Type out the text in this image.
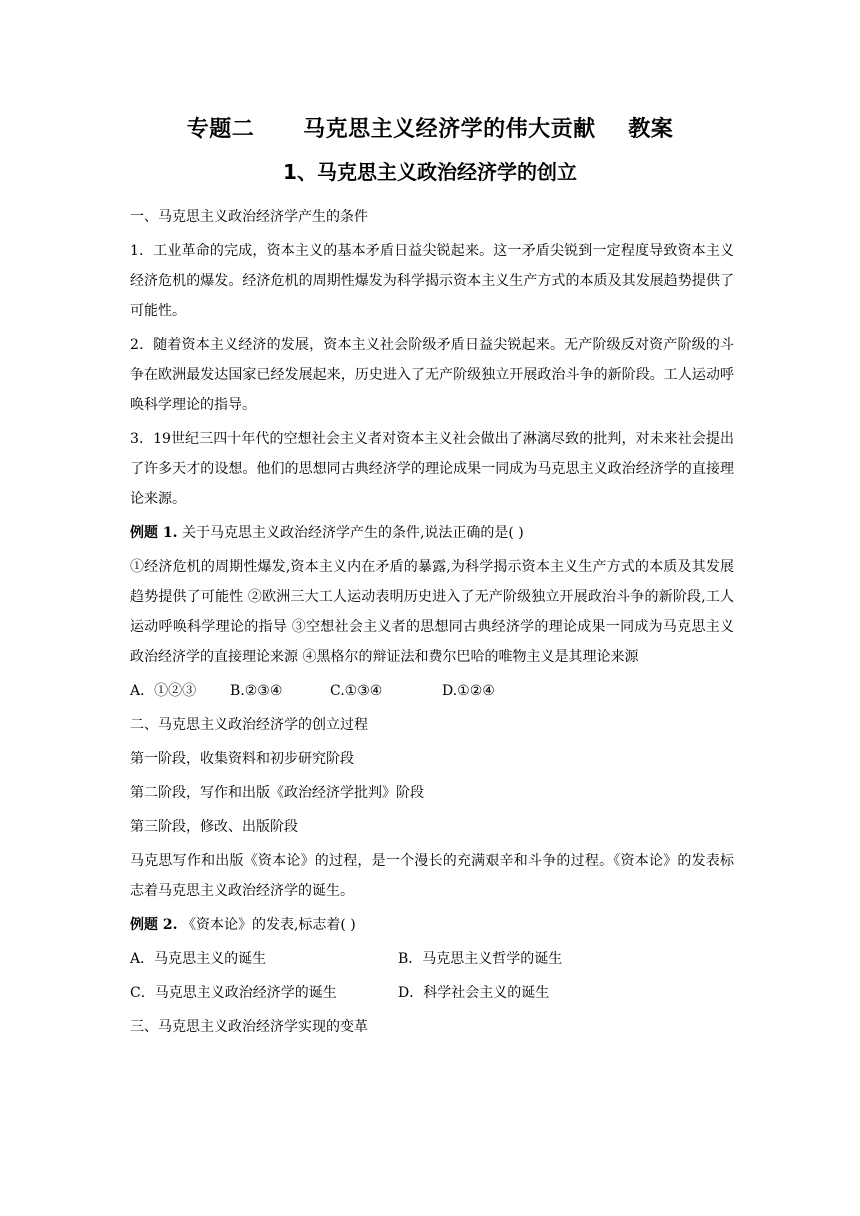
专题二      马克思主义经济学的伟大贡献    教案
1、马克思主义政治经济学的创立

一、马克思主义政治经济学产生的条件

1．工业革命的完成，资本主义的基本矛盾日益尖锐起来。这一矛盾尖锐到一定程度导致资本主义经济危机的爆发。经济危机的周期性爆发为科学揭示资本主义生产方式的本质及其发展趋势提供了可能性。

2．随着资本主义经济的发展，资本主义社会阶级矛盾日益尖锐起来。无产阶级反对资产阶级的斗争在欧洲最发达国家已经发展起来，历史进入了无产阶级独立开展政治斗争的新阶段。工人运动呼唤科学理论的指导。

3．19世纪三四十年代的空想社会主义者对资本主义社会做出了淋漓尽致的批判，对未来社会提出了许多天才的设想。他们的思想同古典经济学的理论成果一同成为马克思主义政治经济学的直接理论来源。

例题 1. 关于马克思主义政治经济学产生的条件,说法正确的是( )

①经济危机的周期性爆发,资本主义内在矛盾的暴露,为科学揭示资本主义生产方式的本质及其发展趋势提供了可能性 ②欧洲三大工人运动表明历史进入了无产阶级独立开展政治斗争的新阶段,工人运动呼唤科学理论的指导 ③空想社会主义者的思想同古典经济学的理论成果一同成为马克思主义政治经济学的直接理论来源 ④黑格尔的辩证法和费尔巴哈的唯物主义是其理论来源

A．①②③ B.②③④	C.①③④	D.①②④

二、马克思主义政治经济学的创立过程

第一阶段，收集资料和初步研究阶段

第二阶段，写作和出版《政治经济学批判》阶段

第三阶段，修改、出版阶段

马克思写作和出版《资本论》的过程，是一个漫长的充满艰辛和斗争的过程。《资本论》的发表标志着马克思主义政治经济学的诞生。

例题 2. 《资本论》的发表,标志着( )

A．马克思主义的诞生	B．马克思主义哲学的诞生

C．马克思主义政治经济学的诞生	D．科学社会主义的诞生

三、马克思主义政治经济学实现的变革
